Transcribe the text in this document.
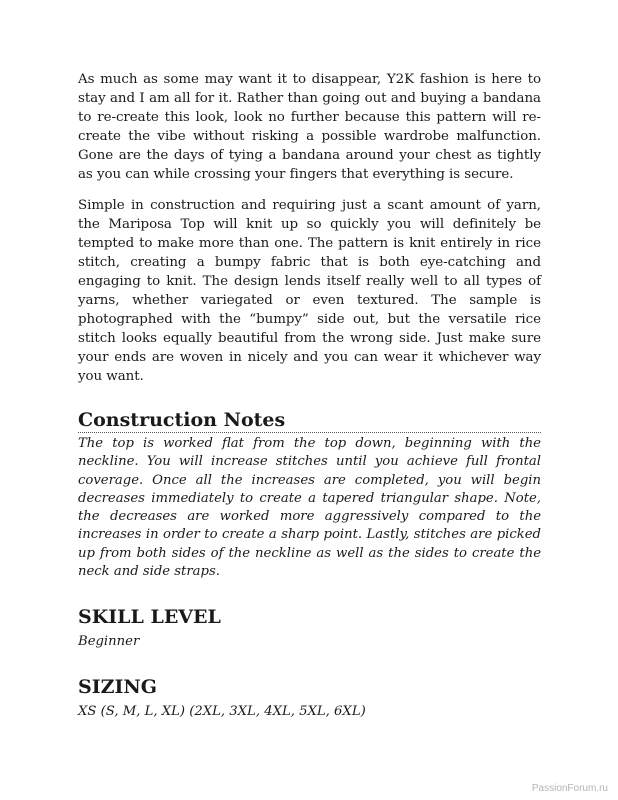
As much as some may want it to disappear, Y2K fashion is here to stay and I am all for it. Rather than going out and buying a bandana to re-create this look, look no further because this pattern will re-create the vibe without risking a possible wardrobe malfunction. Gone are the days of tying a bandana around your chest as tightly as you can while crossing your fingers that everything is secure.

Simple in construction and requiring just a scant amount of yarn, the Mariposa Top will knit up so quickly you will definitely be tempted to make more than one. The pattern is knit entirely in rice stitch, creating a bumpy fabric that is both eye-catching and engaging to knit. The design lends itself really well to all types of yarns, whether variegated or even textured. The sample is photographed with the “bumpy” side out, but the versatile rice stitch looks equally beautiful from the wrong side. Just make sure your ends are woven in nicely and you can wear it whichever way you want.

Construction Notes

The top is worked flat from the top down, beginning with the neckline. You will increase stitches until you achieve full frontal coverage. Once all the increases are completed, you will begin decreases immediately to create a tapered triangular shape. Note, the decreases are worked more aggressively compared to the increases in order to create a sharp point. Lastly, stitches are picked up from both sides of the neckline as well as the sides to create the neck and side straps.

SKILL LEVEL

Beginner

SIZING

XS (S, M, L, XL) (2XL, 3XL, 4XL, 5XL, 6XL)

PassionForum.ru
